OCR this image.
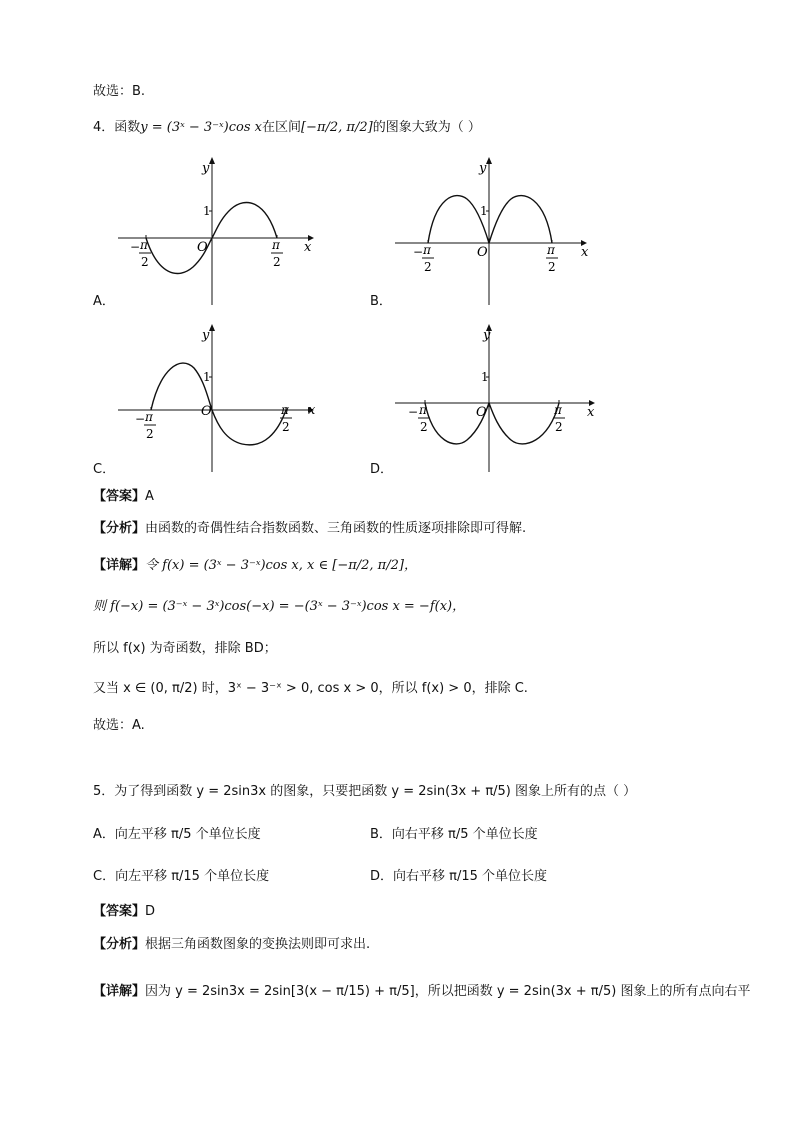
故选：B.
4．函数y = (3ˣ − 3⁻ˣ)cos x在区间[−π/2, π/2]的图象大致为（ ）
y
x
O
1
− π
2
π
2
A．
y
x
O
1
− π
2
π
2
B．
y
x
O
1
− π
2
π
2
C．
y
x
O
1
− π
2
π
2
D．
【答案】A
【分析】由函数的奇偶性结合指数函数、三角函数的性质逐项排除即可得解.
【详解】令 f(x) = (3ˣ − 3⁻ˣ)cos x, x ∈ [−π/2, π/2]，
则 f(−x) = (3⁻ˣ − 3ˣ)cos(−x) = −(3ˣ − 3⁻ˣ)cos x = −f(x)，
所以 f(x) 为奇函数，排除 BD；
又当 x ∈ (0, π/2) 时，3ˣ − 3⁻ˣ > 0, cos x > 0，所以 f(x) > 0，排除 C.
故选：A.
5．为了得到函数 y = 2sin3x 的图象，只要把函数 y = 2sin(3x + π/5) 图象上所有的点（ ）
A．向左平移 π/5 个单位长度	B．向右平移 π/5 个单位长度
C．向左平移 π/15 个单位长度	D．向右平移 π/15 个单位长度
【答案】D
【分析】根据三角函数图象的变换法则即可求出.
【详解】因为 y = 2sin3x = 2sin[3(x − π/15) + π/5]，所以把函数 y = 2sin(3x + π/5) 图象上的所有点向右平
